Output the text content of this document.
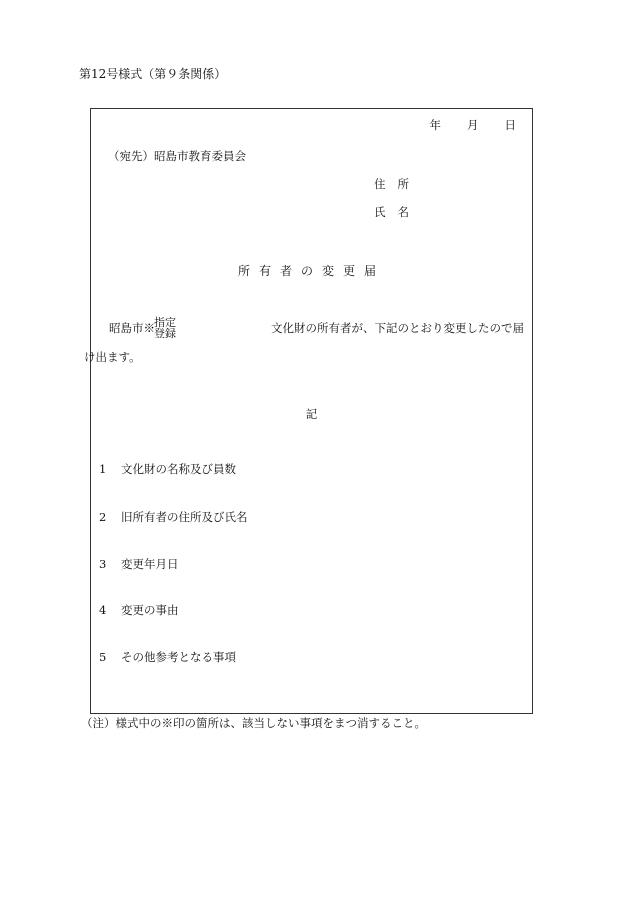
第12号様式（第９条関係）
年 月 日
（宛先）昭島市教育委員会
住 所
氏 名
所有者の変更届
昭島市※ 指定
登録	文化財の所有者が、下記のとおり変更したので届
け出ます。
記
1 文化財の名称及び員数
2 旧所有者の住所及び氏名
3 変更年月日
4 変更の事由
5 その他参考となる事項
（注）様式中の※印の箇所は、該当しない事項をまつ消すること。
